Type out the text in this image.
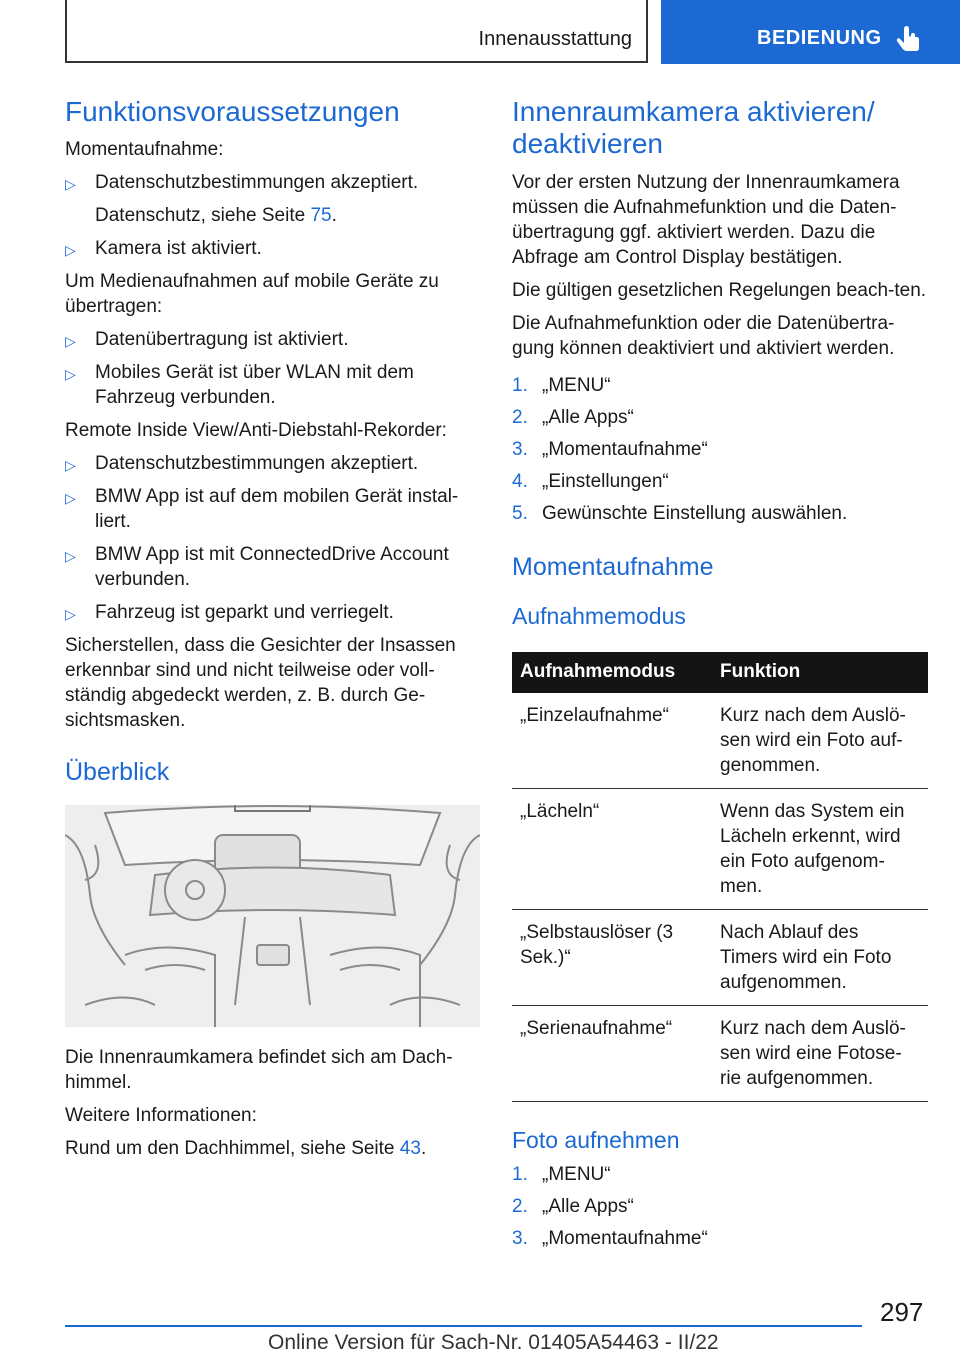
Innenausstattung	BEDIENUNG
Funktionsvoraussetzungen

Momentaufnahme:

▷ Datenschutzbestimmungen akzeptiert.

Datenschutz, siehe Seite 75.

▷ Kamera ist aktiviert.

Um Medienaufnahmen auf mobile Geräte zu übertragen:

▷ Datenübertragung ist aktiviert.
▷ Mobiles Gerät ist über WLAN mit dem Fahrzeug verbunden.

Remote Inside View/Anti-Diebstahl-Rekorder:

▷ Datenschutzbestimmungen akzeptiert.
▷ BMW App ist auf dem mobilen Gerät instal-liert.
▷ BMW App ist mit ConnectedDrive Account verbunden.
▷ Fahrzeug ist geparkt und verriegelt.

Sicherstellen, dass die Gesichter der Insassen erkennbar sind und nicht teilweise oder voll-ständig abgedeckt werden, z. B. durch Ge-sichtsmasken.

Überblick

Die Innenraumkamera befindet sich am Dach-himmel.

Weitere Informationen:

Rund um den Dachhimmel, siehe Seite 43.

Innenraumkamera aktivieren/
deaktivieren

Vor der ersten Nutzung der Innenraumkamera müssen die Aufnahmefunktion und die Daten-übertragung ggf. aktiviert werden. Dazu die Abfrage am Control Display bestätigen.

Die gültigen gesetzlichen Regelungen beach-ten.

Die Aufnahmefunktion oder die Datenübertra-gung können deaktiviert und aktiviert werden.

1. „MENU“
2. „Alle Apps“
3. „Momentaufnahme“
4. „Einstellungen“
5. Gewünschte Einstellung auswählen.
Momentaufnahme
Aufnahmemodus
Aufnahmemodus	Funktion
„Einzelaufnahme“	Kurz nach dem Auslö-sen wird ein Foto auf-genommen.
„Lächeln“	Wenn das System ein Lächeln erkennt, wird ein Foto aufgenom-men.
„Selbstauslöser (3 Sek.)“	Nach Ablauf des Timers wird ein Foto aufgenommen.
„Serienaufnahme“	Kurz nach dem Auslö-sen wird eine Fotose-rie aufgenommen.
Foto aufnehmen
1. „MENU“
2. „Alle Apps“
3. „Momentaufnahme“
297
Online Version für Sach-Nr. 01405A54463 - II/22
